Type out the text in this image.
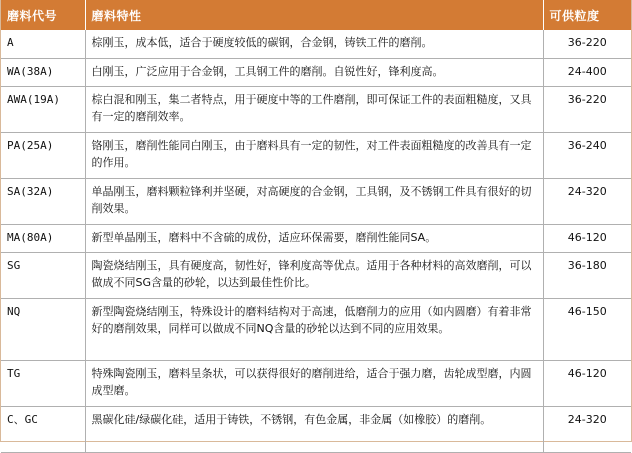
磨料代号	磨料特性	可供粒度
A	棕刚玉，成本低，适合于硬度较低的碳钢，合金钢，铸铁工件的磨削。	36-220
WA(38A)	白刚玉，广泛应用于合金钢，工具钢工件的磨削。自锐性好，锋利度高。	24-400
AWA(19A)	棕白混和刚玉，集二者特点，用于硬度中等的工件磨削，即可保证工件的表面粗糙度，又具有一定的磨削效率。	36-220
PA(25A)	铬刚玉，磨削性能同白刚玉，由于磨料具有一定的韧性，对工件表面粗糙度的改善具有一定的作用。	36-240
SA(32A)	单晶刚玉，磨料颗粒锋利并坚硬，对高硬度的合金钢，工具钢，及不锈钢工件具有很好的切削效果。	24-320
MA(80A)	新型单晶刚玉，磨料中不含硫的成份，适应环保需要，磨削性能同SA。	46-120
SG	陶瓷烧结刚玉，具有硬度高，韧性好，锋利度高等优点。适用于各种材料的高效磨削，可以做成不同SG含量的砂轮，以达到最佳性价比。	36-180
NQ	新型陶瓷烧结刚玉，特殊设计的磨料结构对于高速，低磨削力的应用（如内圆磨）有着非常好的磨削效果，同样可以做成不同NQ含量的砂轮以达到不同的应用效果。	46-150
TG	特殊陶瓷刚玉，磨料呈条状，可以获得很好的磨削进给，适合于强力磨，齿轮成型磨，内圆成型磨。	46-120
C、GC	黑碳化硅/绿碳化硅，适用于铸铁，不锈钢，有色金属，非金属（如橡胶）的磨削。	24-320
